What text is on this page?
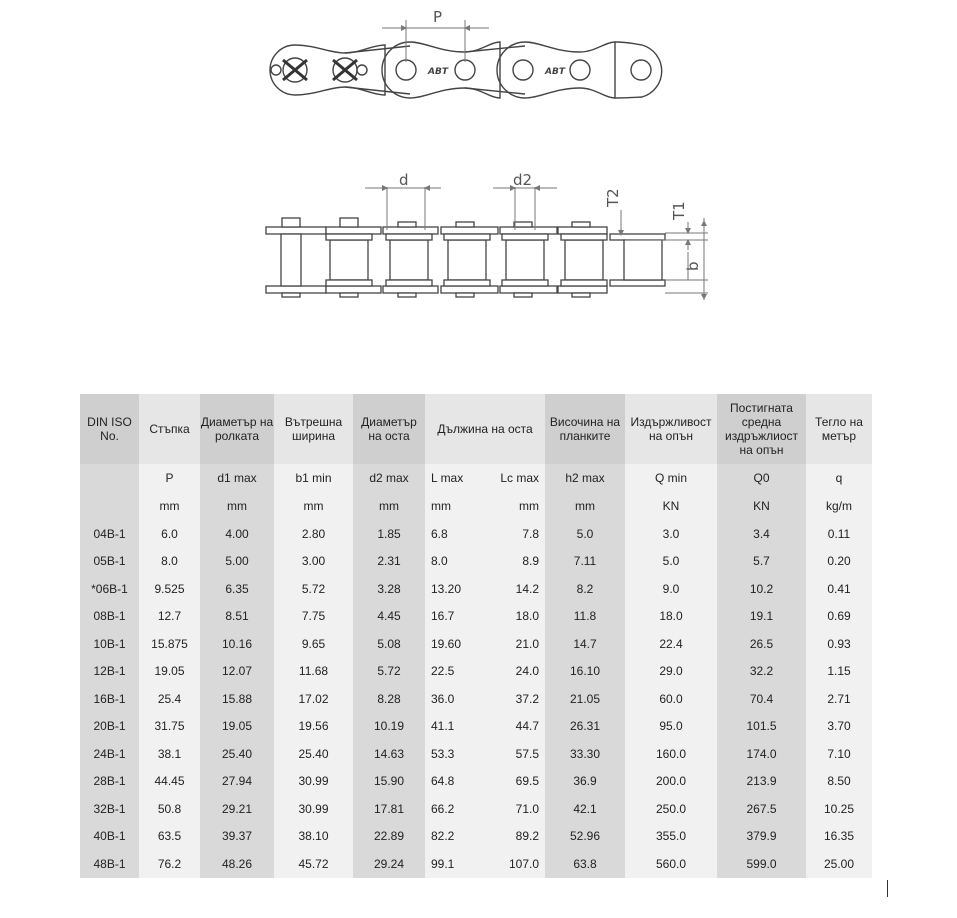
ABT	ABT
P
d	d2
T2
T1
b
DIN ISO No.	Стъпка	Диаметър на ролката	Вътрешна ширина	Диаметър на оста	Дължина на оста		Височина на планките	Издържливост на опън	Постигната средна издръжлиост на опън	Тегло на метър
	P	d1 max	b1 min	d2 max	L max	Lc max	h2 max	Q min	Q0	q
	mm	mm	mm	mm	mm	mm	mm	KN	KN	kg/m
04B-1	6.0	4.00	2.80	1.85	6.8	7.8	5.0	3.0	3.4	0.11
05B-1	8.0	5.00	3.00	2.31	8.0	8.9	7.11	5.0	5.7	0.20
*06B-1	9.525	6.35	5.72	3.28	13.20	14.2	8.2	9.0	10.2	0.41
08B-1	12.7	8.51	7.75	4.45	16.7	18.0	11.8	18.0	19.1	0.69
10B-1	15.875	10.16	9.65	5.08	19.60	21.0	14.7	22.4	26.5	0.93
12B-1	19.05	12.07	11.68	5.72	22.5	24.0	16.10	29.0	32.2	1.15
16B-1	25.4	15.88	17.02	8.28	36.0	37.2	21.05	60.0	70.4	2.71
20B-1	31.75	19.05	19.56	10.19	41.1	44.7	26.31	95.0	101.5	3.70
24B-1	38.1	25.40	25.40	14.63	53.3	57.5	33.30	160.0	174.0	7.10
28B-1	44.45	27.94	30.99	15.90	64.8	69.5	36.9	200.0	213.9	8.50
32B-1	50.8	29.21	30.99	17.81	66.2	71.0	42.1	250.0	267.5	10.25
40B-1	63.5	39.37	38.10	22.89	82.2	89.2	52.96	355.0	379.9	16.35
48B-1	76.2	48.26	45.72	29.24	99.1	107.0	63.8	560.0	599.0	25.00
